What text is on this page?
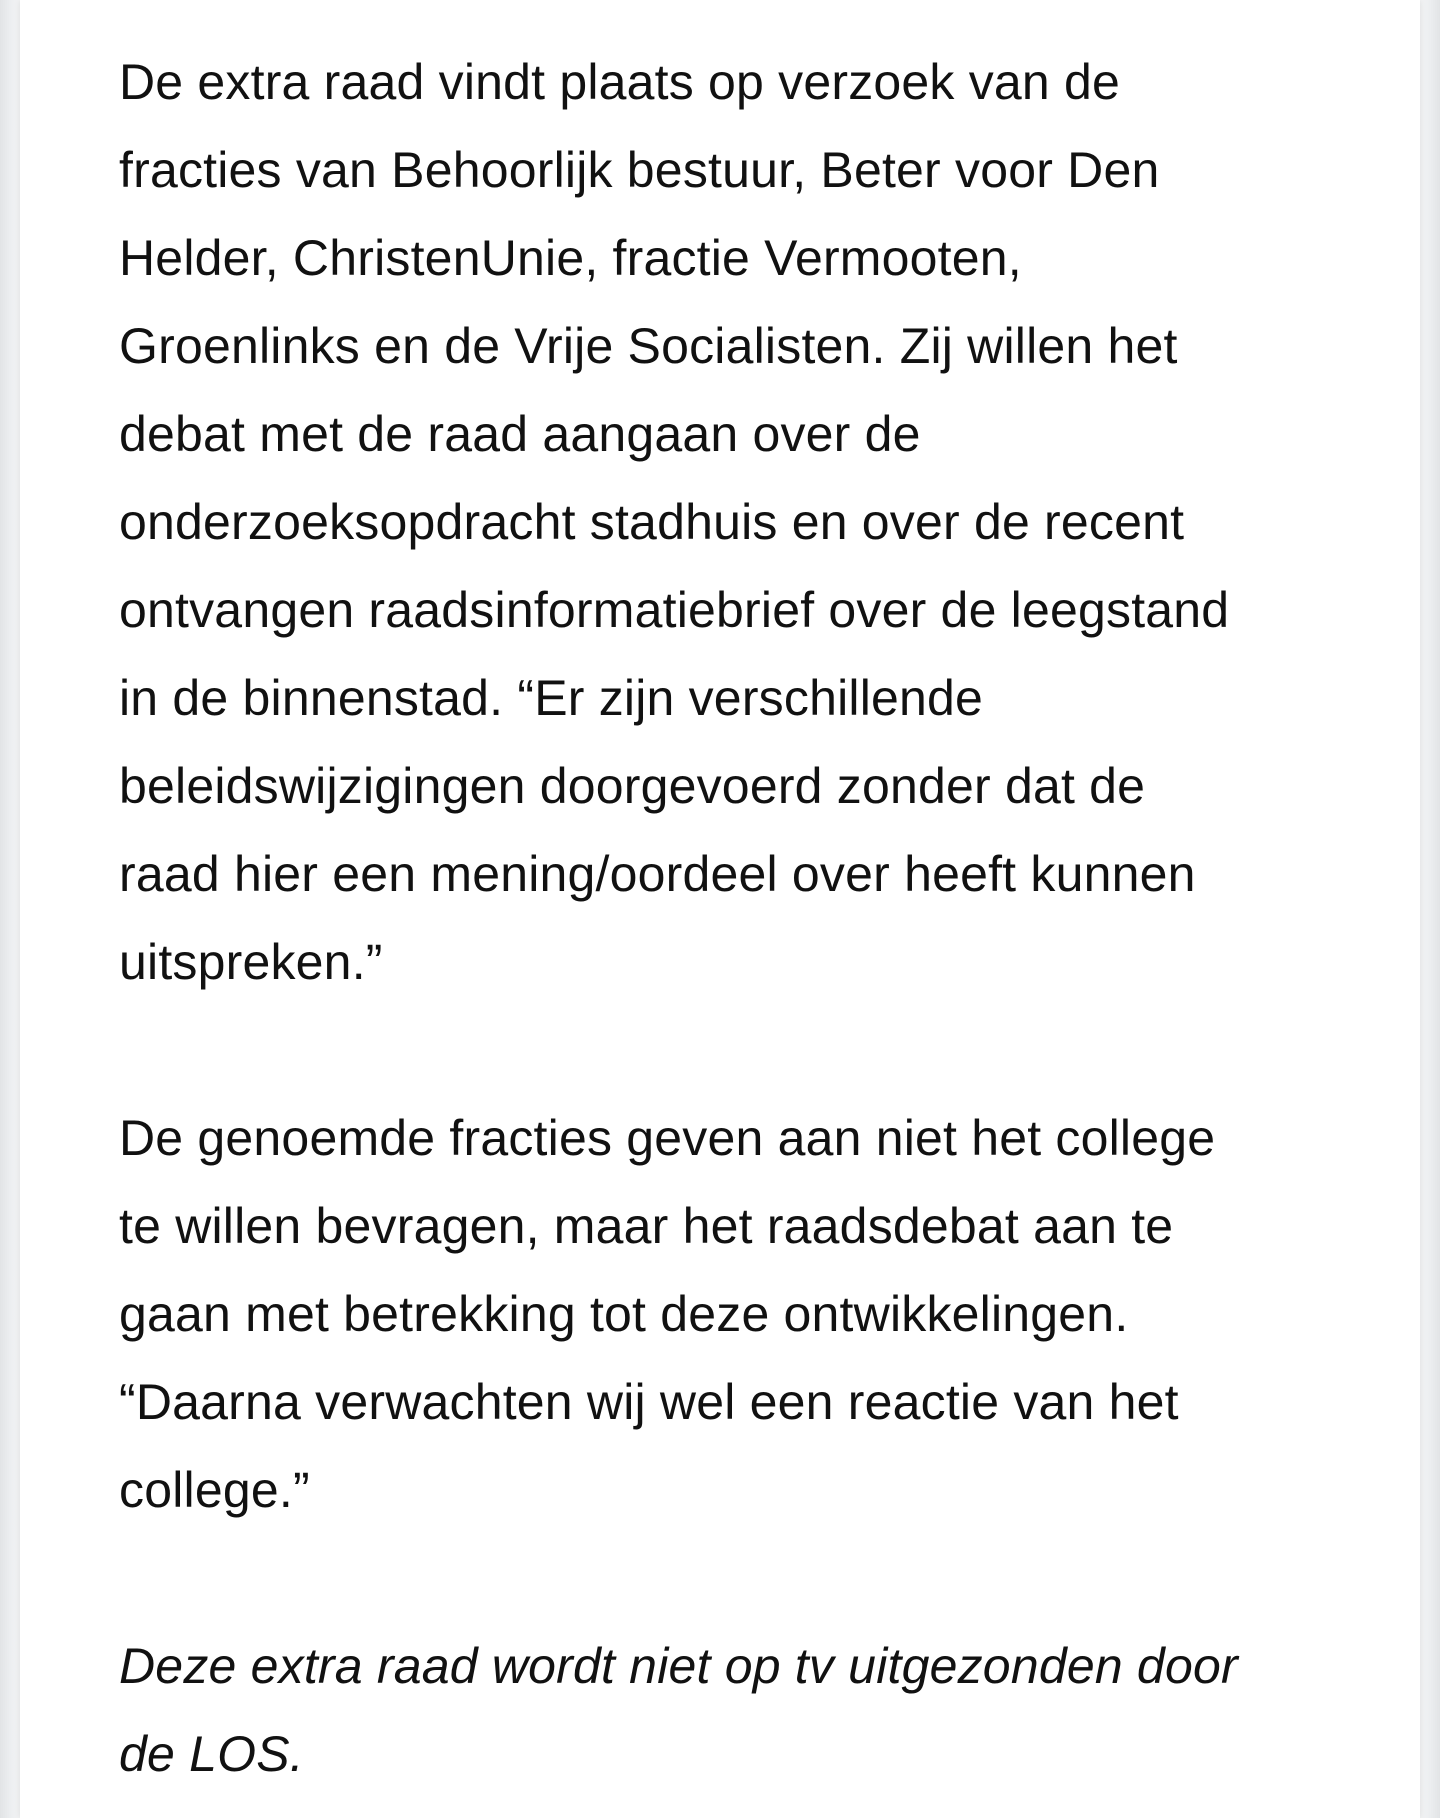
De extra raad vindt plaats op verzoek van de
fracties van Behoorlijk bestuur, Beter voor Den
Helder, ChristenUnie, fractie Vermooten,
Groenlinks en de Vrije Socialisten. Zij willen het
debat met de raad aangaan over de
onderzoeksopdracht stadhuis en over de recent
ontvangen raadsinformatiebrief over de leegstand
in de binnenstad. “Er zijn verschillende
beleidswijzigingen doorgevoerd zonder dat de
raad hier een mening/oordeel over heeft kunnen
uitspreken.”

De genoemde fracties geven aan niet het college
te willen bevragen, maar het raadsdebat aan te
gaan met betrekking tot deze ontwikkelingen.
“Daarna verwachten wij wel een reactie van het
college.”

Deze extra raad wordt niet op tv uitgezonden door
de LOS.
